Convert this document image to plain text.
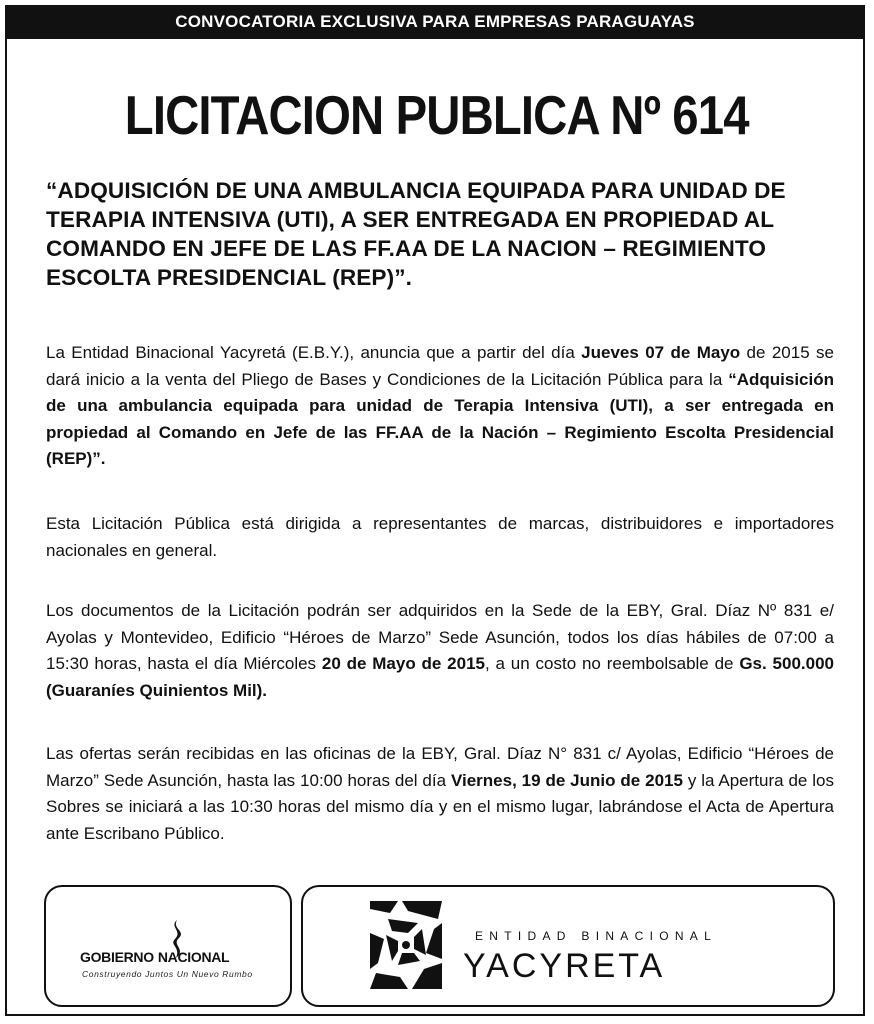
CONVOCATORIA EXCLUSIVA PARA EMPRESAS PARAGUAYAS
LICITACION PUBLICA Nº 614
“ADQUISICIÓN DE UNA AMBULANCIA EQUIPADA PARA UNIDAD DE TERAPIA INTENSIVA (UTI), A SER ENTREGADA EN PROPIEDAD AL COMANDO EN JEFE DE LAS FF.AA DE LA NACION – REGIMIENTO ESCOLTA PRESIDENCIAL (REP)”.
La Entidad Binacional Yacyretá (E.B.Y.), anuncia que a partir del día Jueves 07 de Mayo de 2015 se dará inicio a la venta del Pliego de Bases y Condiciones de la Licitación Pública para la “Adquisición de una ambulancia equipada para unidad de Terapia Intensiva (UTI), a ser entregada en propiedad al Comando en Jefe de las FF.AA de la Nación – Regimiento Escolta Presidencial (REP)”.
Esta Licitación Pública está dirigida a representantes de marcas, distribuidores e importadores nacionales en general.
Los documentos de la Licitación podrán ser adquiridos en la Sede de la EBY, Gral. Díaz Nº 831 e/ Ayolas y Montevideo, Edificio “Héroes de Marzo” Sede Asunción, todos los días hábiles de 07:00 a 15:30 horas, hasta el día Miércoles 20 de Mayo de 2015, a un costo no reembolsable de Gs. 500.000 (Guaraníes Quinientos Mil).
Las ofertas serán recibidas en las oficinas de la EBY, Gral. Díaz N° 831 c/ Ayolas, Edificio “Héroes de Marzo” Sede Asunción, hasta las 10:00 horas del día Viernes, 19 de Junio de 2015 y la Apertura de los Sobres se iniciará a las 10:30 horas del mismo día y en el mismo lugar, labrándose el Acta de Apertura ante Escribano Público.
GOBIERNO NACIONAL
Construyendo Juntos Un Nuevo Rumbo
ENTIDAD BINACIONAL
YACYRETA
